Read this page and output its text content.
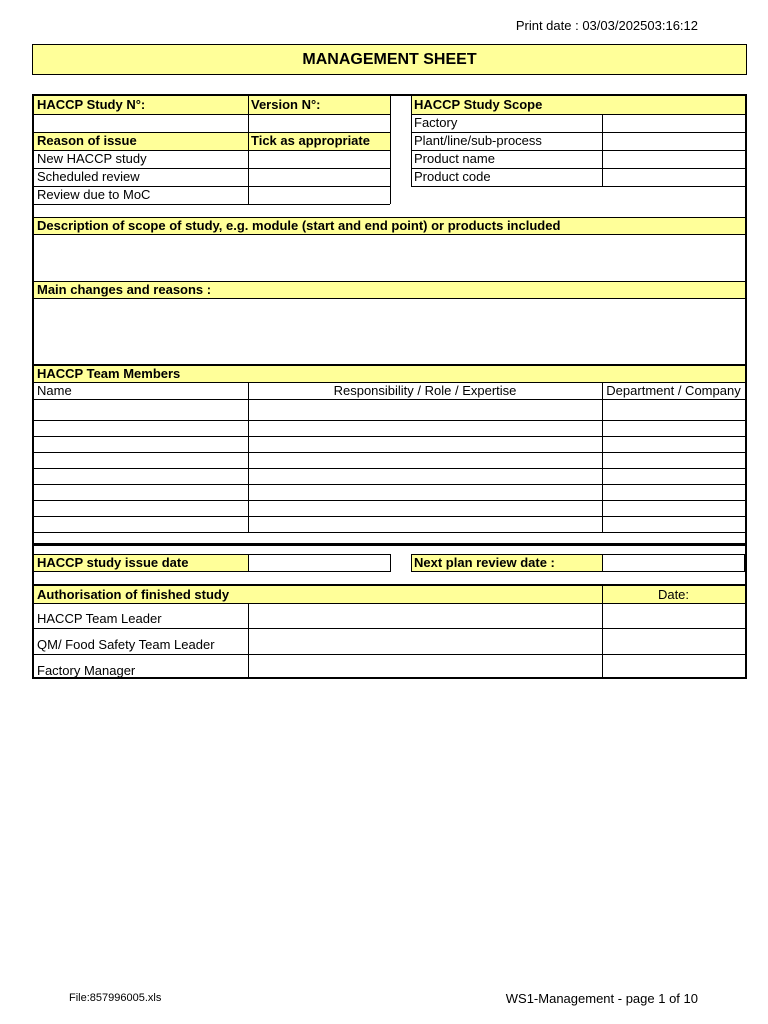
Print date : 03/03/202503:16:12
MANAGEMENT SHEET
HACCP Study N°:	Version N°:
Reason of issue	Tick as appropriate
New HACCP study
Scheduled review
Review due to MoC
HACCP Study Scope
Factory
Plant/line/sub-process
Product name
Product code
Description of scope of study, e.g. module (start and end point) or products included
Main changes and reasons :
HACCP Team Members
Name	Responsibility / Role / Expertise	Department / Company
HACCP study issue date	Next plan review date :
Authorisation of finished study	Date:
HACCP Team Leader
QM/ Food Safety Team Leader
Factory Manager
File:857996005.xls	WS1-Management - page 1 of 10
